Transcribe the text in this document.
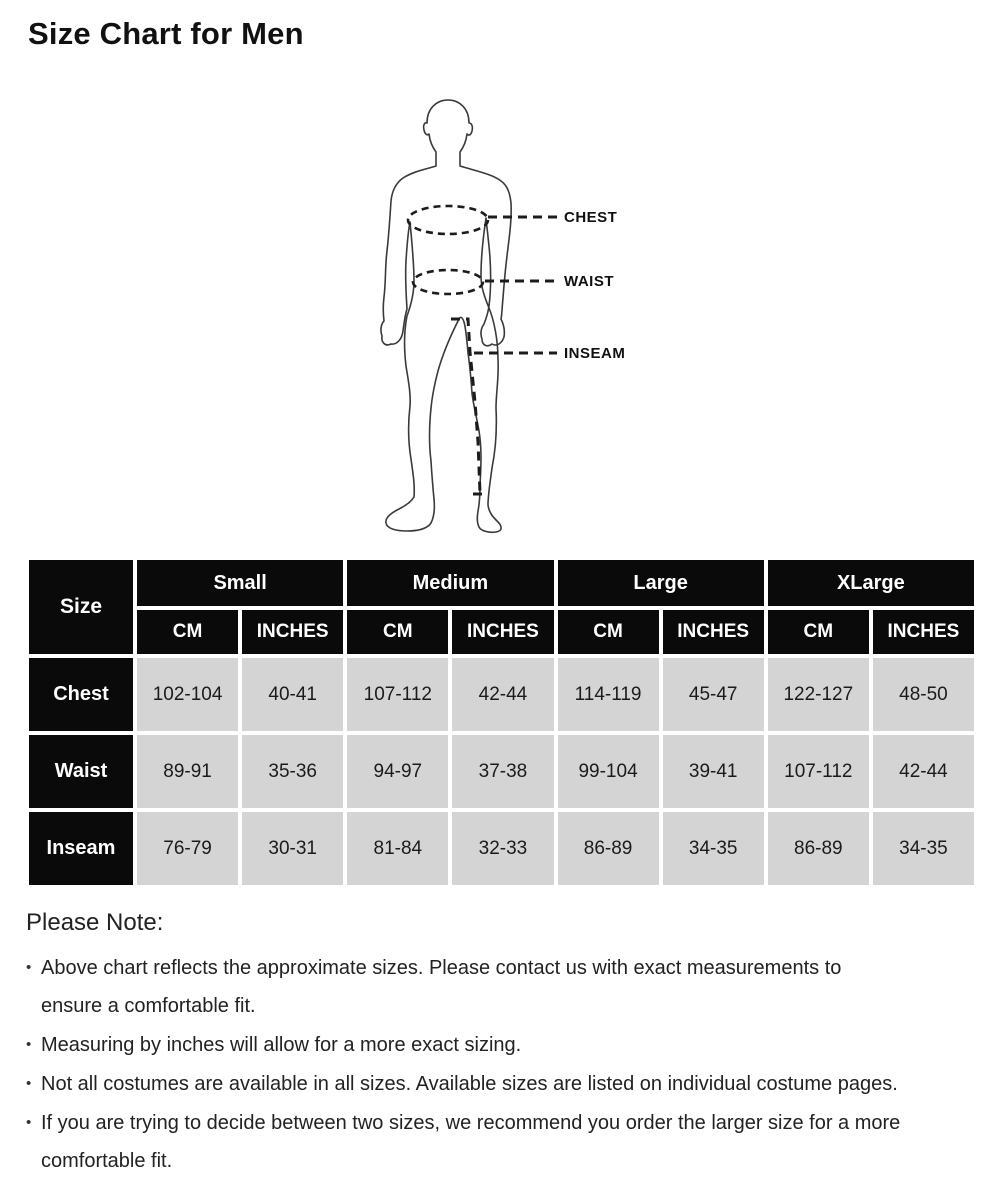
Size Chart for Men
CHEST
WAIST
INSEAM
Size	Small		Medium		Large		XLarge	
	CM	INCHES	CM	INCHES	CM	INCHES	CM	INCHES
Chest	102-104	40-41	107-112	42-44	114-119	45-47	122-127	48-50
Waist	89-91	35-36	94-97	37-38	99-104	39-41	107-112	42-44
Inseam	76-79	30-31	81-84	32-33	86-89	34-35	86-89	34-35
Please Note:
• Above chart reflects the approximate sizes. Please contact us with exact measurements to
ensure a comfortable fit.
• Measuring by inches will allow for a more exact sizing.
• Not all costumes are available in all sizes. Available sizes are listed on individual costume pages.
• If you are trying to decide between two sizes, we recommend you order the larger size for a more
comfortable fit.
